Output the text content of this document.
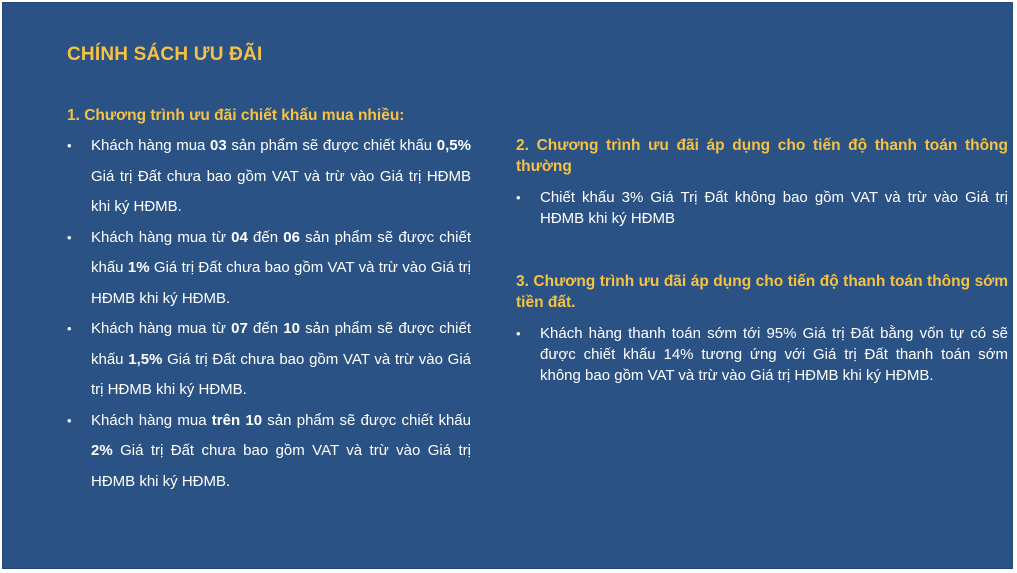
CHÍNH SÁCH ƯU ĐÃI
1. Chương trình ưu đãi chiết khấu mua nhiều:
• Khách hàng mua 03 sản phẩm sẽ được chiết khấu 0,5% Giá trị Đất chưa bao gồm VAT và trừ vào Giá trị HĐMB khi ký HĐMB.
• Khách hàng mua từ 04 đến 06 sản phẩm sẽ được chiết khấu 1% Giá trị Đất chưa bao gồm VAT và trừ vào Giá trị HĐMB khi ký HĐMB.
• Khách hàng mua từ 07 đến 10 sản phẩm sẽ được chiết khấu 1,5% Giá trị Đất chưa bao gồm VAT và trừ vào Giá trị HĐMB khi ký HĐMB.
• Khách hàng mua trên 10 sản phẩm sẽ được chiết khấu 2% Giá trị Đất chưa bao gồm VAT và trừ vào Giá trị HĐMB khi ký HĐMB.
2. Chương trình ưu đãi áp dụng cho tiến độ thanh toán thông thường
• Chiết khấu 3% Giá Trị Đất không bao gồm VAT và trừ vào Giá trị HĐMB khi ký HĐMB
3. Chương trình ưu đãi áp dụng cho tiến độ thanh toán thông sớm tiền đất.
• Khách hàng thanh toán sớm tới 95% Giá trị Đất bằng vốn tự có sẽ được chiết khấu 14% tương ứng với Giá trị Đất thanh toán sớm không bao gồm VAT và trừ vào Giá trị HĐMB khi ký HĐMB.
